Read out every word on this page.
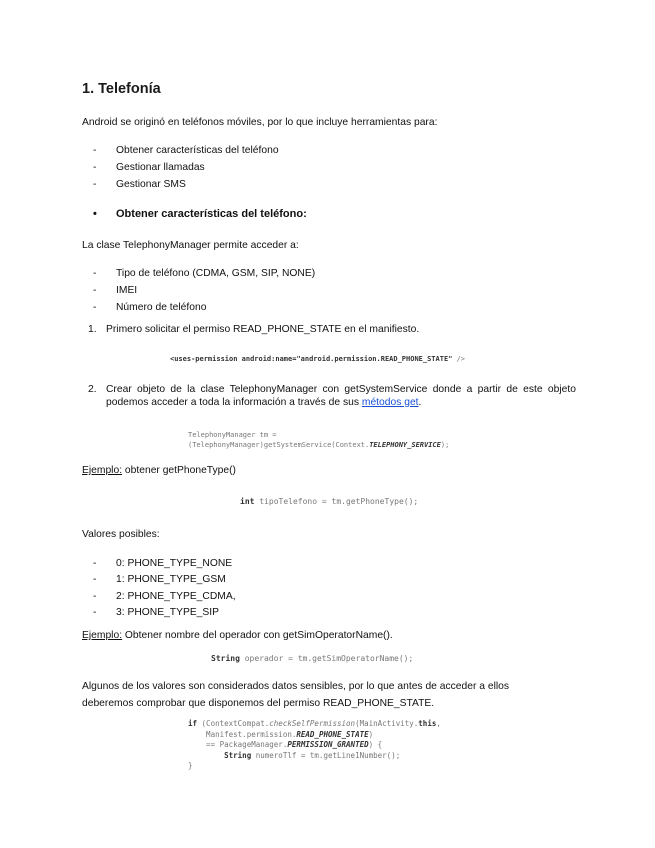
1. Telefonía
Android se originó en teléfonos móviles, por lo que incluye herramientas para:
- Obtener características del teléfono
- Gestionar llamadas
- Gestionar SMS
• Obtener características del teléfono:
La clase TelephonyManager permite acceder a:
- Tipo de teléfono (CDMA, GSM, SIP, NONE)
- IMEI
- Número de teléfono
1. Primero solicitar el permiso READ_PHONE_STATE en el manifiesto.
<uses-permission android:name="android.permission.READ_PHONE_STATE" />
2. Crear objeto de la clase TelephonyManager con getSystemService donde a partir de este objeto podemos acceder a toda la información a través de sus métodos get.
TelephonyManager tm =
(TelephonyManager)getSystemService(Context.TELEPHONY_SERVICE);
Ejemplo: obtener getPhoneType()
int tipoTelefono = tm.getPhoneType();
Valores posibles:
- 0: PHONE_TYPE_NONE
- 1: PHONE_TYPE_GSM
- 2: PHONE_TYPE_CDMA,
- 3: PHONE_TYPE_SIP
Ejemplo: Obtener nombre del operador con getSimOperatorName().
String operador = tm.getSimOperatorName();
Algunos de los valores son considerados datos sensibles, por lo que antes de acceder a ellos
deberemos comprobar que disponemos del permiso READ_PHONE_STATE.
if (ContextCompat.checkSelfPermission(MainActivity.this,
Manifest.permission.READ_PHONE_STATE)
== PackageManager.PERMISSION_GRANTED) {
String numeroTlf = tm.getLine1Number();
}
